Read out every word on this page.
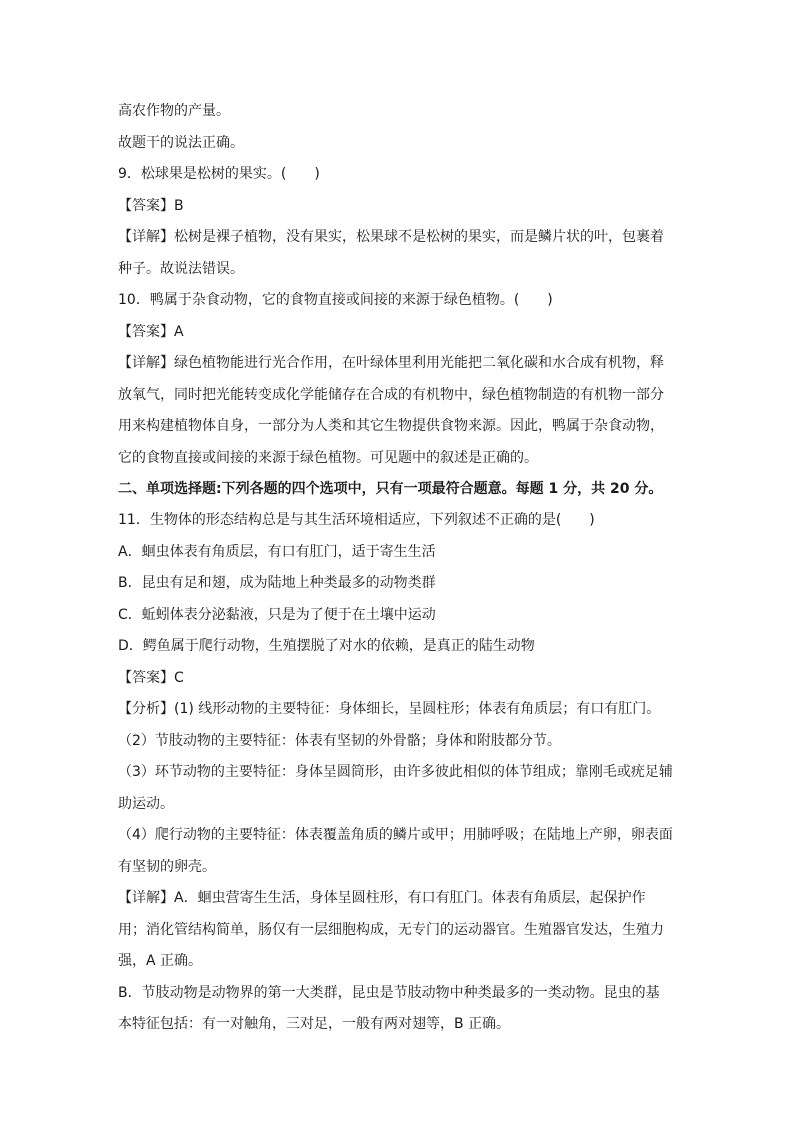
高农作物的产量。
故题干的说法正确。
9．松球果是松树的果实。(　　)
【答案】B
【详解】松树是裸子植物，没有果实，松果球不是松树的果实，而是鳞片状的叶，包裹着
种子。故说法错误。
10．鸭属于杂食动物，它的食物直接或间接的来源于绿色植物。(　　)
【答案】A
【详解】绿色植物能进行光合作用，在叶绿体里利用光能把二氧化碳和水合成有机物，释
放氧气，同时把光能转变成化学能储存在合成的有机物中，绿色植物制造的有机物一部分
用来构建植物体自身，一部分为人类和其它生物提供食物来源。因此，鸭属于杂食动物，
它的食物直接或间接的来源于绿色植物。可见题中的叙述是正确的。
二、单项选择题:下列各题的四个选项中，只有一项最符合题意。每题 1 分，共 20 分。
11．生物体的形态结构总是与其生活环境相适应，下列叙述不正确的是(　　)
A．蛔虫体表有角质层，有口有肛门，适于寄生生活
B．昆虫有足和翅，成为陆地上种类最多的动物类群
C．蚯蚓体表分泌黏液，只是为了便于在土壤中运动
D．鳄鱼属于爬行动物，生殖摆脱了对水的依赖，是真正的陆生动物
【答案】C
【分析】(1) 线形动物的主要特征：身体细长，呈圆柱形；体表有角质层；有口有肛门。
（2）节肢动物的主要特征：体表有坚韧的外骨骼；身体和附肢都分节。
（3）环节动物的主要特征：身体呈圆筒形，由许多彼此相似的体节组成；靠刚毛或疣足辅
助运动。
（4）爬行动物的主要特征：体表覆盖角质的鳞片或甲；用肺呼吸；在陆地上产卵，卵表面
有坚韧的卵壳。
【详解】A．蛔虫营寄生生活，身体呈圆柱形，有口有肛门。体表有角质层，起保护作
用；消化管结构简单，肠仅有一层细胞构成，无专门的运动器官。生殖器官发达，生殖力
强，A 正确。
B．节肢动物是动物界的第一大类群，昆虫是节肢动物中种类最多的一类动物。昆虫的基
本特征包括：有一对触角，三对足，一般有两对翅等，B 正确。
